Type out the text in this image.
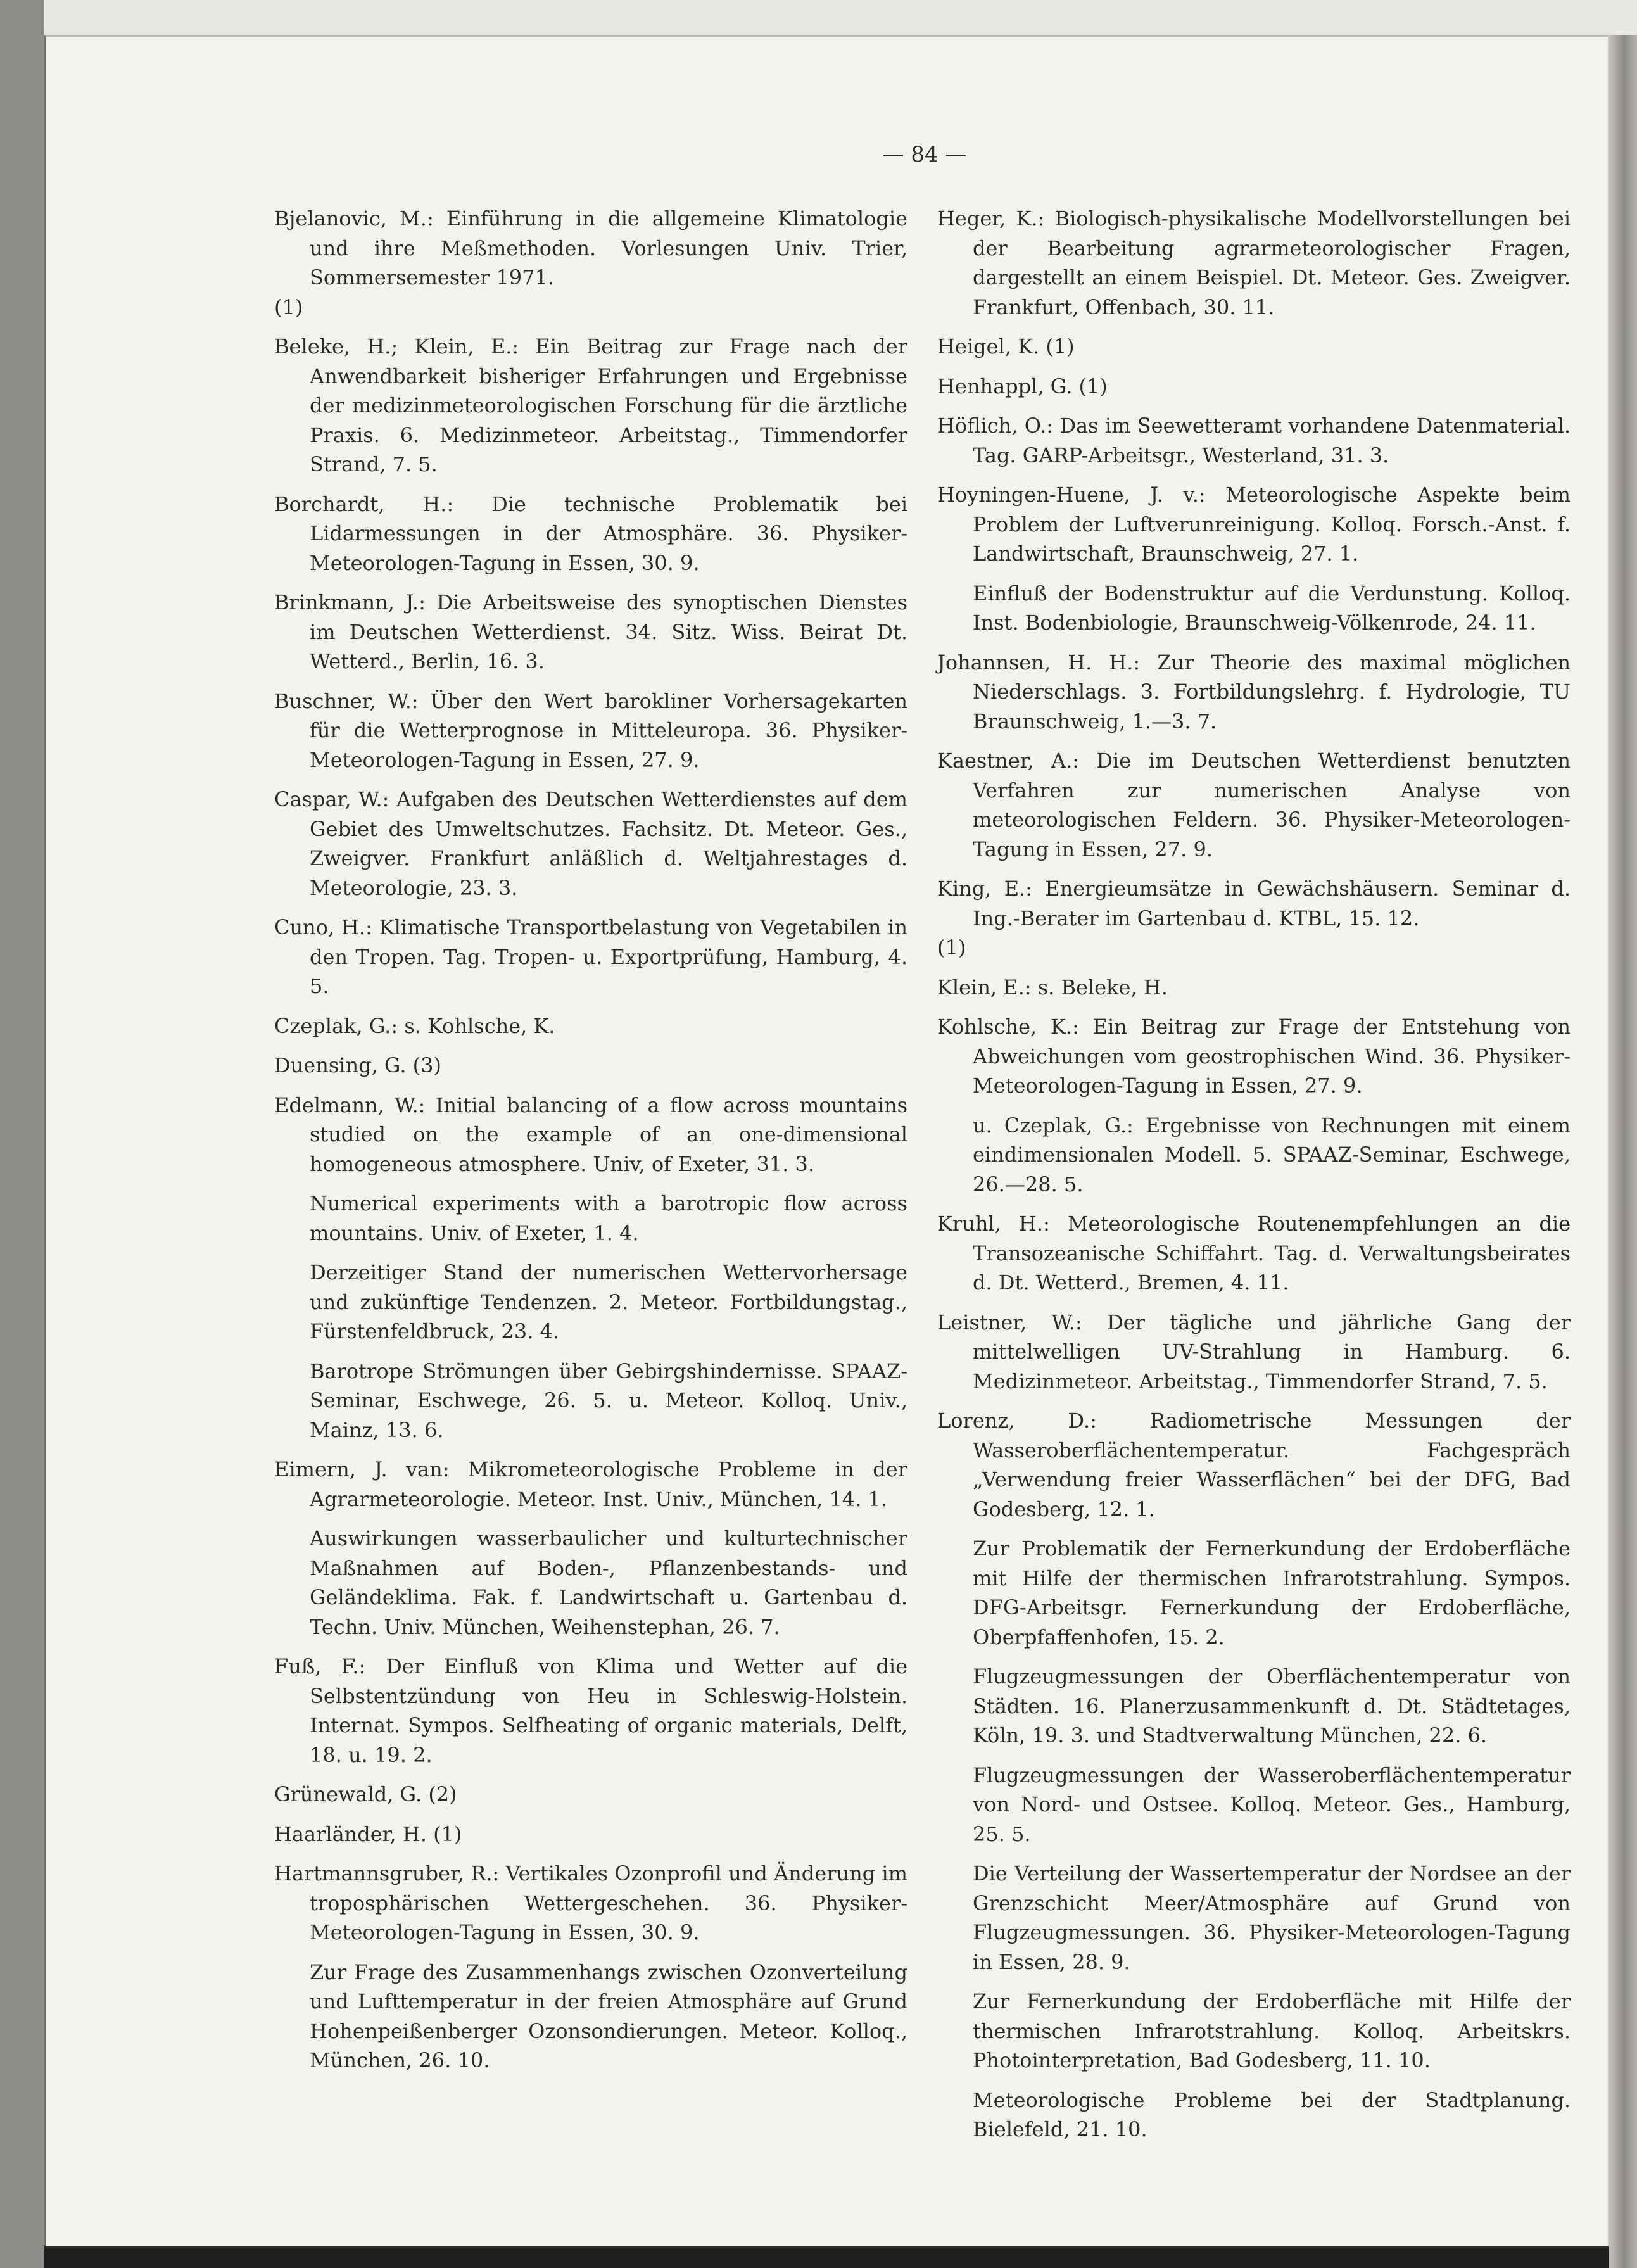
— 84 —
Bjelanovic, M.: Einführung in die allgemeine Klimatologie und ihre Meßmethoden. Vorlesungen Univ. Trier, Sommersemester 1971.
(1)
Beleke, H.; Klein, E.: Ein Beitrag zur Frage nach der Anwendbarkeit bisheriger Erfahrungen und Ergebnisse der medizinmeteorologischen Forschung für die ärztliche Praxis. 6. Medizinmeteor. Arbeitstag., Timmendorfer Strand, 7. 5.
Borchardt, H.: Die technische Problematik bei Lidarmessungen in der Atmosphäre. 36. Physiker-Meteorologen-Tagung in Essen, 30. 9.
Brinkmann, J.: Die Arbeitsweise des synoptischen Dienstes im Deutschen Wetterdienst. 34. Sitz. Wiss. Beirat Dt. Wetterd., Berlin, 16. 3.
Buschner, W.: Über den Wert barokliner Vorhersagekarten für die Wetterprognose in Mitteleuropa. 36. Physiker-Meteorologen-Tagung in Essen, 27. 9.
Caspar, W.: Aufgaben des Deutschen Wetterdienstes auf dem Gebiet des Umweltschutzes. Fachsitz. Dt. Meteor. Ges., Zweigver. Frankfurt anläßlich d. Weltjahrestages d. Meteorologie, 23. 3.
Cuno, H.: Klimatische Transportbelastung von Vegetabilen in den Tropen. Tag. Tropen- u. Exportprüfung, Hamburg, 4. 5.
Czeplak, G.: s. Kohlsche, K.
Duensing, G. (3)
Edelmann, W.: Initial balancing of a flow across mountains studied on the example of an one-dimensional homogeneous atmosphere. Univ, of Exeter, 31. 3.
Numerical experiments with a barotropic flow across mountains. Univ. of Exeter, 1. 4.
Derzeitiger Stand der numerischen Wettervorhersage und zukünftige Tendenzen. 2. Meteor. Fortbildungstag., Fürstenfeldbruck, 23. 4.
Barotrope Strömungen über Gebirgshindernisse. SPAAZ-Seminar, Eschwege, 26. 5. u. Meteor. Kolloq. Univ., Mainz, 13. 6.
Eimern, J. van: Mikrometeorologische Probleme in der Agrarmeteorologie. Meteor. Inst. Univ., München, 14. 1.
Auswirkungen wasserbaulicher und kulturtechnischer Maßnahmen auf Boden-, Pflanzenbestands- und Geländeklima. Fak. f. Landwirtschaft u. Gartenbau d. Techn. Univ. München, Weihenstephan, 26. 7.
Fuß, F.: Der Einfluß von Klima und Wetter auf die Selbstentzündung von Heu in Schleswig-Holstein. Internat. Sympos. Selfheating of organic materials, Delft, 18. u. 19. 2.
Grünewald, G. (2)
Haarländer, H. (1)
Hartmannsgruber, R.: Vertikales Ozonprofil und Änderung im troposphärischen Wettergeschehen. 36. Physiker-Meteorologen-Tagung in Essen, 30. 9.
Zur Frage des Zusammenhangs zwischen Ozonverteilung und Lufttemperatur in der freien Atmosphäre auf Grund Hohenpeißenberger Ozonsondierungen. Meteor. Kolloq., München, 26. 10.
Heger, K.: Biologisch-physikalische Modellvorstellungen bei der Bearbeitung agrarmeteorologischer Fragen, dargestellt an einem Beispiel. Dt. Meteor. Ges. Zweigver. Frankfurt, Offenbach, 30. 11.
Heigel, K. (1)
Henhappl, G. (1)
Höflich, O.: Das im Seewetteramt vorhandene Datenmaterial. Tag. GARP-Arbeitsgr., Westerland, 31. 3.
Hoyningen-Huene, J. v.: Meteorologische Aspekte beim Problem der Luftverunreinigung. Kolloq. Forsch.-Anst. f. Landwirtschaft, Braunschweig, 27. 1.
Einfluß der Bodenstruktur auf die Verdunstung. Kolloq. Inst. Bodenbiologie, Braunschweig-Völkenrode, 24. 11.
Johannsen, H. H.: Zur Theorie des maximal möglichen Niederschlags. 3. Fortbildungslehrg. f. Hydrologie, TU Braunschweig, 1.—3. 7.
Kaestner, A.: Die im Deutschen Wetterdienst benutzten Verfahren zur numerischen Analyse von meteorologischen Feldern. 36. Physiker-Meteorologen-Tagung in Essen, 27. 9.
King, E.: Energieumsätze in Gewächshäusern. Seminar d. Ing.-Berater im Gartenbau d. KTBL, 15. 12.
(1)
Klein, E.: s. Beleke, H.
Kohlsche, K.: Ein Beitrag zur Frage der Entstehung von Abweichungen vom geostrophischen Wind. 36. Physiker-Meteorologen-Tagung in Essen, 27. 9.
u. Czeplak, G.: Ergebnisse von Rechnungen mit einem eindimensionalen Modell. 5. SPAAZ-Seminar, Eschwege, 26.—28. 5.
Kruhl, H.: Meteorologische Routenempfehlungen an die Transozeanische Schiffahrt. Tag. d. Verwaltungsbeirates d. Dt. Wetterd., Bremen, 4. 11.
Leistner, W.: Der tägliche und jährliche Gang der mittelwelligen UV-Strahlung in Hamburg. 6. Medizinmeteor. Arbeitstag., Timmendorfer Strand, 7. 5.
Lorenz, D.: Radiometrische Messungen der Wasseroberflächentemperatur. Fachgespräch „Verwendung freier Wasserflächen“ bei der DFG, Bad Godesberg, 12. 1.
Zur Problematik der Fernerkundung der Erdoberfläche mit Hilfe der thermischen Infrarotstrahlung. Sympos. DFG-Arbeitsgr. Fernerkundung der Erdoberfläche, Oberpfaffenhofen, 15. 2.
Flugzeugmessungen der Oberflächentemperatur von Städten. 16. Planerzusammenkunft d. Dt. Städtetages, Köln, 19. 3. und Stadtverwaltung München, 22. 6.
Flugzeugmessungen der Wasseroberflächentemperatur von Nord- und Ostsee. Kolloq. Meteor. Ges., Hamburg, 25. 5.
Die Verteilung der Wassertemperatur der Nordsee an der Grenzschicht Meer/Atmosphäre auf Grund von Flugzeugmessungen. 36. Physiker-Meteorologen-Tagung in Essen, 28. 9.
Zur Fernerkundung der Erdoberfläche mit Hilfe der thermischen Infrarotstrahlung. Kolloq. Arbeitskrs. Photointerpretation, Bad Godesberg, 11. 10.
Meteorologische Probleme bei der Stadtplanung. Bielefeld, 21. 10.
